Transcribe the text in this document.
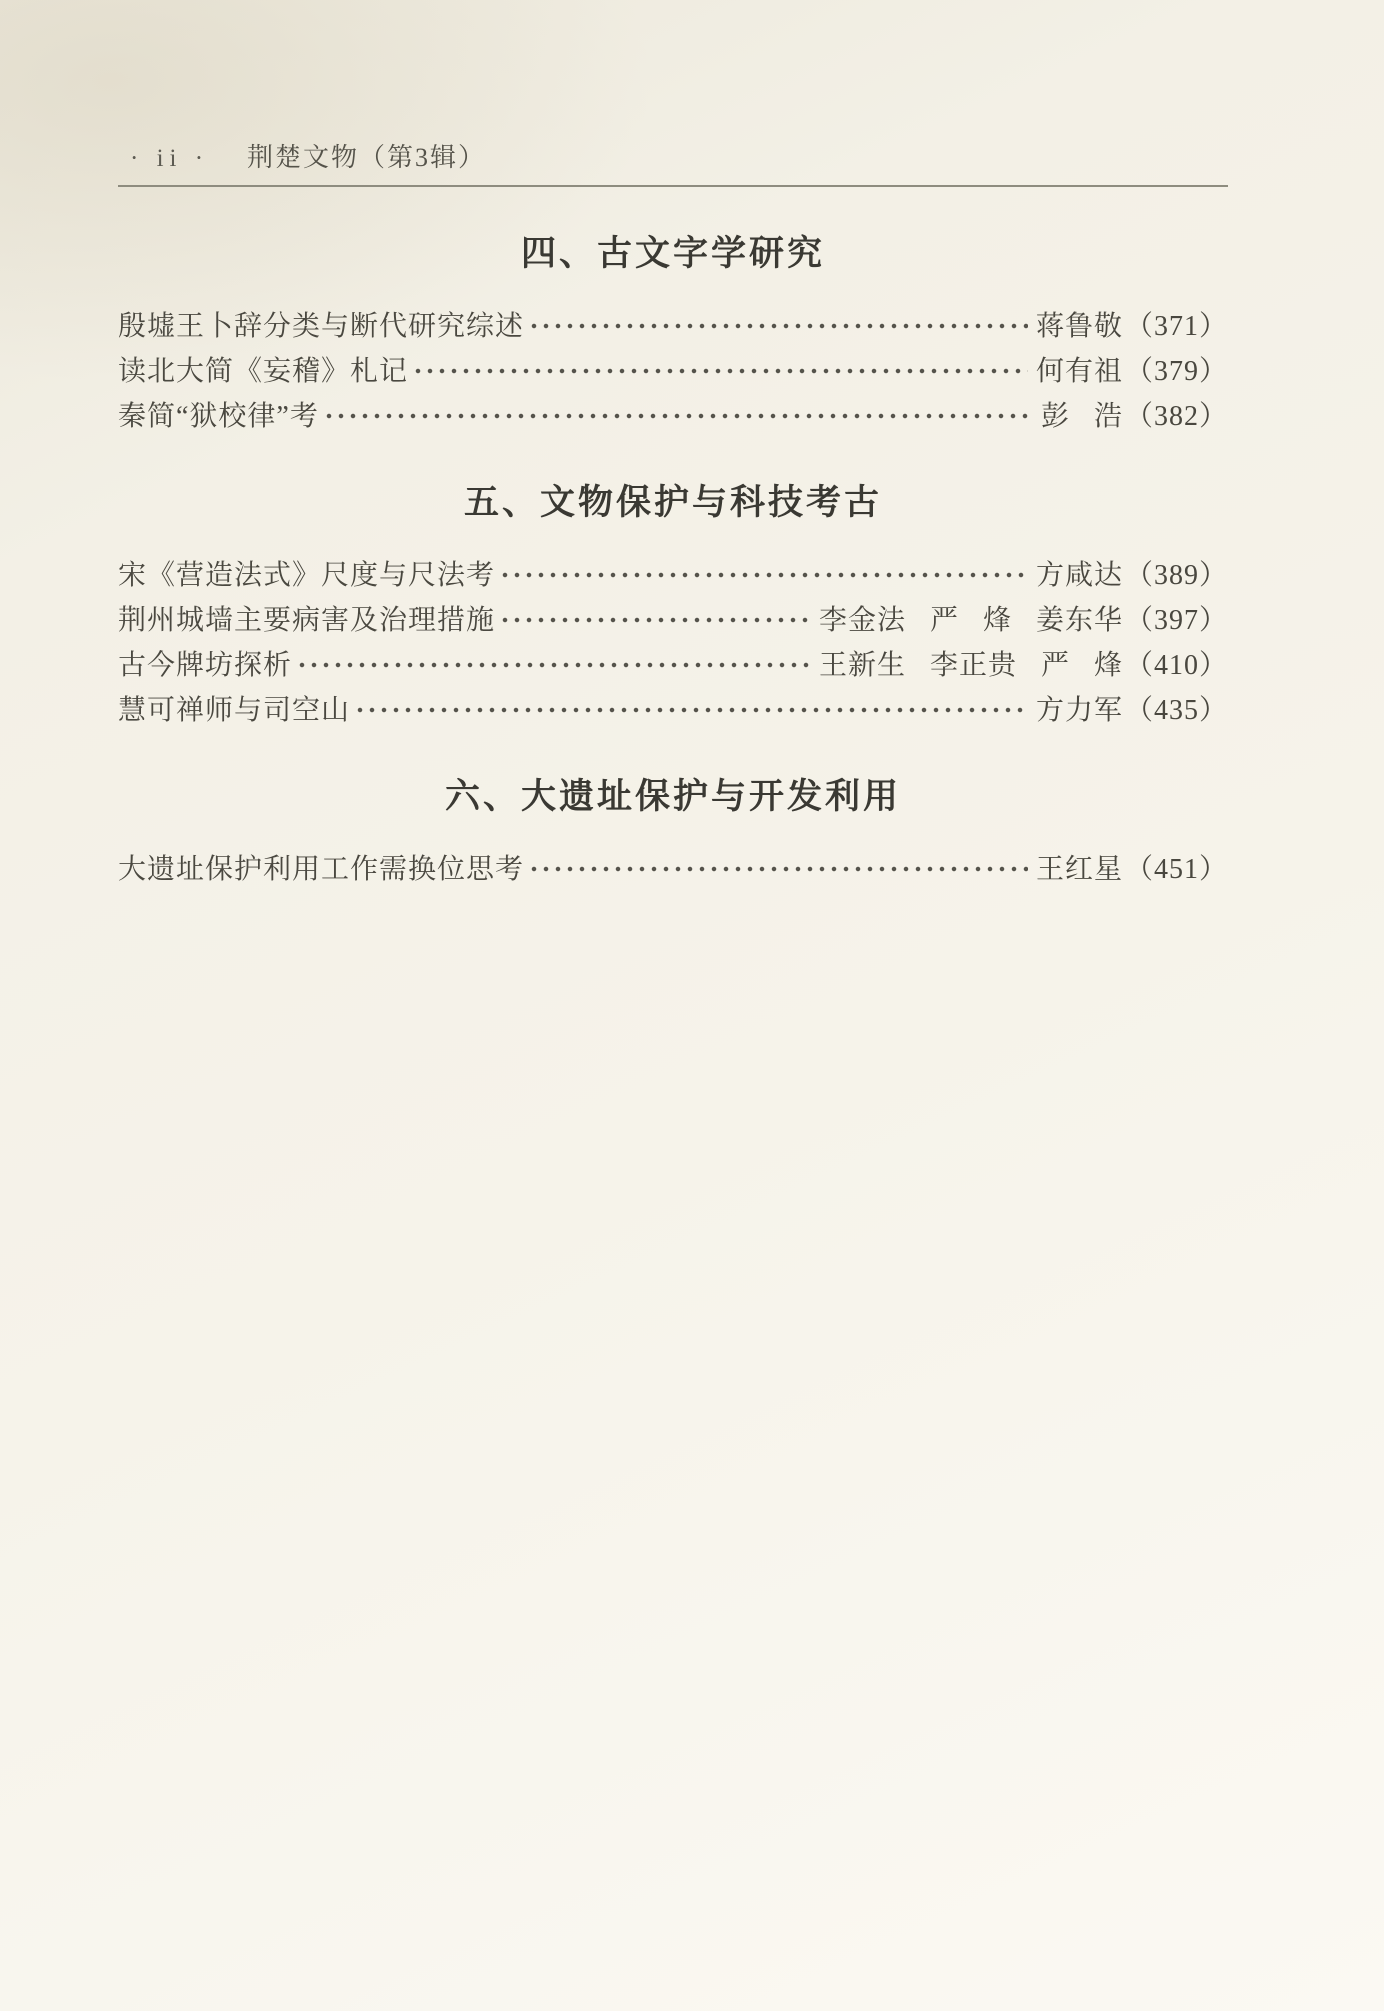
· ii · 荆楚文物（第3辑）
四、古文字学研究
殷墟王卜辞分类与断代研究综述	蒋鲁敬 （371）
读北大简《妄稽》札记	何有祖 （379）
秦简“狱校律”考	彭 浩 （382）
五、文物保护与科技考古
宋《营造法式》尺度与尺法考	方咸达 （389）
荆州城墙主要病害及治理措施	李金法 严 烽 姜东华 （397）
古今牌坊探析	王新生 李正贵 严 烽 （410）
慧可禅师与司空山	方力军 （435）
六、大遗址保护与开发利用
大遗址保护利用工作需换位思考	王红星 （451）
